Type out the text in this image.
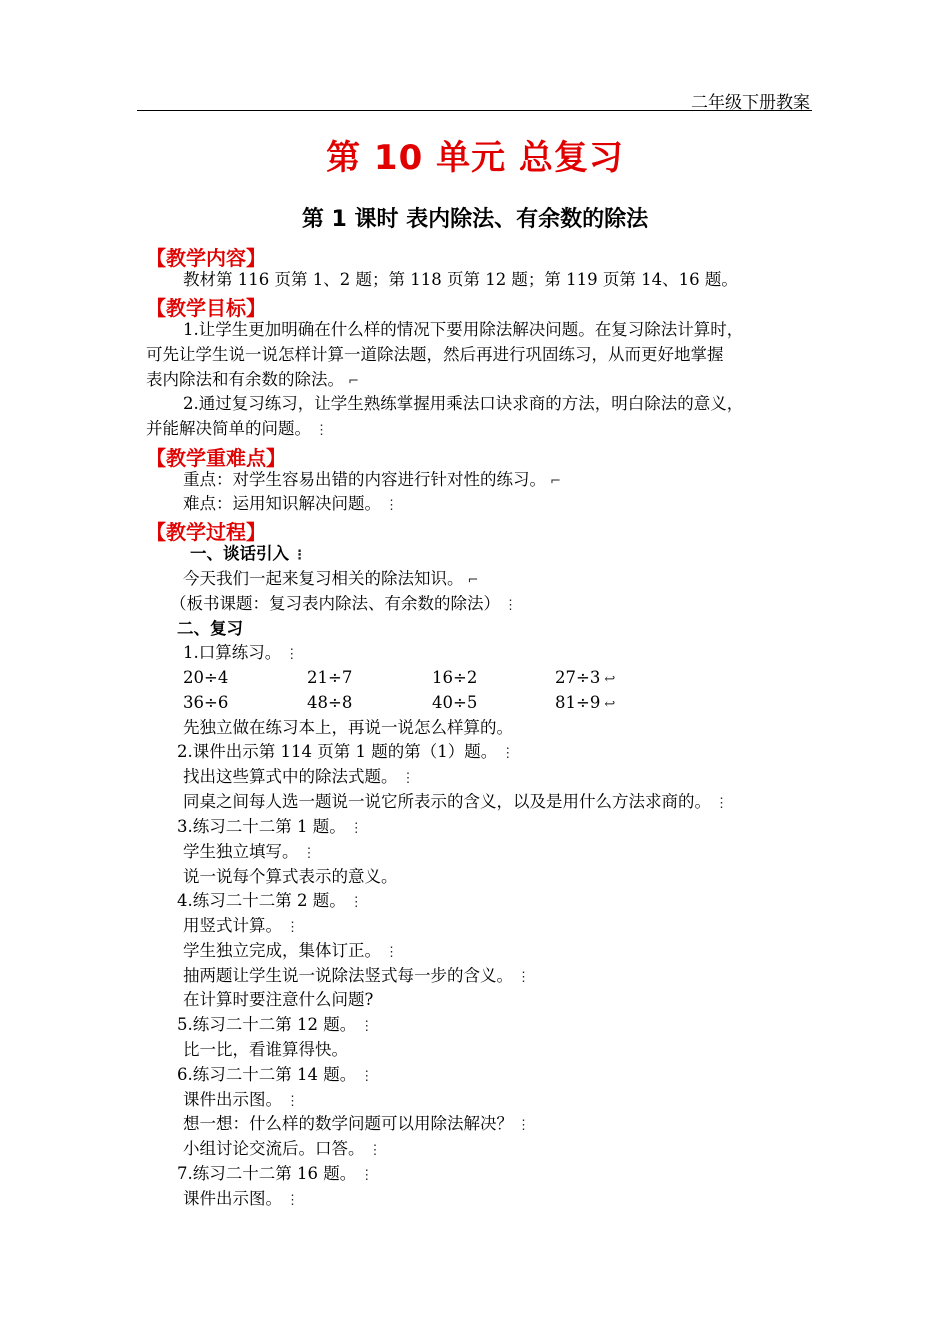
二年级下册教案
第 10 单元 总复习
第 1 课时 表内除法、有余数的除法
【教学内容】
教材第 116 页第 1、2 题；第 118 页第 12 题；第 119 页第 14、16 题。
【教学目标】
1.让学生更加明确在什么样的情况下要用除法解决问题。在复习除法计算时，
可先让学生说一说怎样计算一道除法题，然后再进行巩固练习，从而更好地掌握
表内除法和有余数的除法。 ⌐
2.通过复习练习，让学生熟练掌握用乘法口诀求商的方法，明白除法的意义，
并能解决简单的问题。 ⋮
【教学重难点】
重点：对学生容易出错的内容进行针对性的练习。 ⌐
难点：运用知识解决问题。 ⋮
【教学过程】
一、谈话引入 ⋮
今天我们一起来复习相关的除法知识。 ⌐
（板书课题：复习表内除法、有余数的除法） ⋮
二、复习
1.口算练习。 ⋮
20÷4	21÷7	16÷2	27÷3 ↩
36÷6	48÷8	40÷5	81÷9 ↩
先独立做在练习本上，再说一说怎么样算的。
2.课件出示第 114 页第 1 题的第（1）题。 ⋮
找出这些算式中的除法式题。 ⋮
同桌之间每人选一题说一说它所表示的含义，以及是用什么方法求商的。 ⋮
3.练习二十二第 1 题。 ⋮
学生独立填写。 ⋮
说一说每个算式表示的意义。
4.练习二十二第 2 题。 ⋮
用竖式计算。 ⋮
学生独立完成，集体订正。 ⋮
抽两题让学生说一说除法竖式每一步的含义。 ⋮
在计算时要注意什么问题?
5.练习二十二第 12 题。 ⋮
比一比，看谁算得快。
6.练习二十二第 14 题。 ⋮
课件出示图。 ⋮
想一想：什么样的数学问题可以用除法解决？ ⋮
小组讨论交流后。口答。 ⋮
7.练习二十二第 16 题。 ⋮
课件出示图。 ⋮
